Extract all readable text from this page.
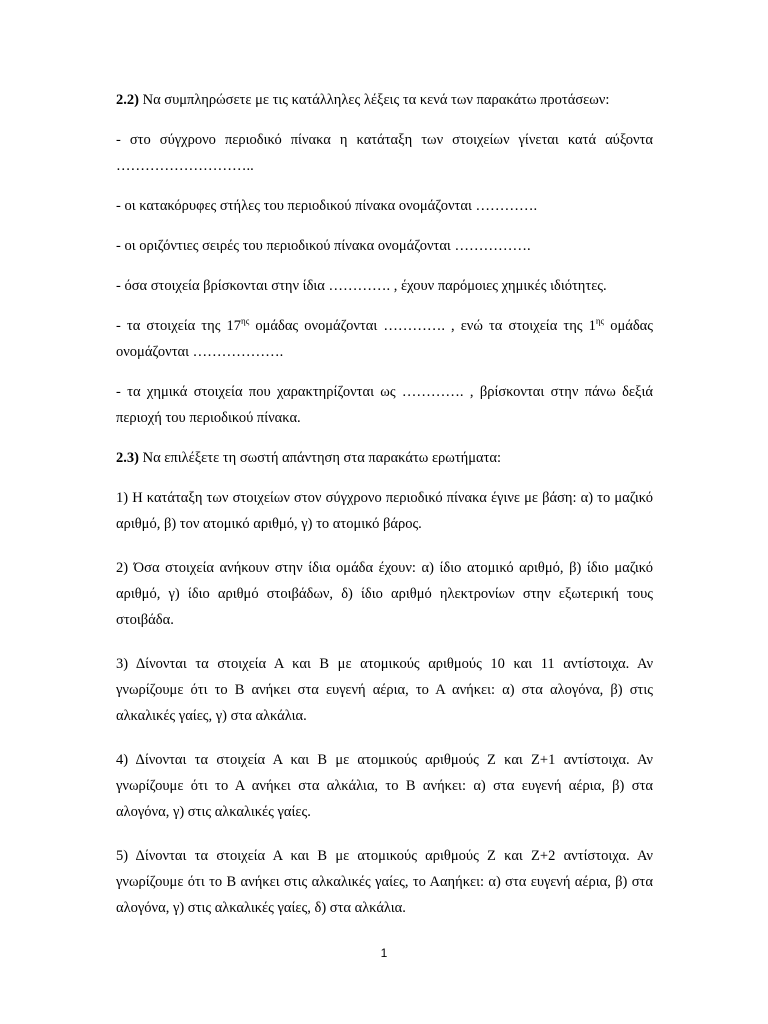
2.2) Να συμπληρώσετε με τις κατάλληλες λέξεις τα κενά των παρακάτω προτάσεων:

- στο σύγχρονο περιοδικό πίνακα η κατάταξη των στοιχείων γίνεται κατά αύξοντα ………………………..

- οι κατακόρυφες στήλες του περιοδικού πίνακα ονομάζονται ………….

- οι οριζόντιες σειρές του περιοδικού πίνακα ονομάζονται …………….

- όσα στοιχεία βρίσκονται στην ίδια …………. , έχουν παρόμοιες χημικές ιδιότητες.

- τα στοιχεία της $17^{\eta\varsigma}$ ομάδας ονομάζονται …………. , ενώ τα στοιχεία της $1^{\eta\varsigma}$ ομάδας ονομάζονται ……………….

- τα χημικά στοιχεία που χαρακτηρίζονται ως …………. , βρίσκονται στην πάνω δεξιά περιοχή του περιοδικού πίνακα.

2.3) Να επιλέξετε τη σωστή απάντηση στα παρακάτω ερωτήματα:

1) Η κατάταξη των στοιχείων στον σύγχρονο περιοδικό πίνακα έγινε με βάση: α) το μαζικό αριθμό, β) τον ατομικό αριθμό, γ) το ατομικό βάρος.

2) Όσα στοιχεία ανήκουν στην ίδια ομάδα έχουν: α) ίδιο ατομικό αριθμό, β) ίδιο μαζικό αριθμό, γ) ίδιο αριθμό στοιβάδων, δ) ίδιο αριθμό ηλεκτρονίων στην εξωτερική τους στοιβάδα.

3) Δίνονται τα στοιχεία Α και Β με ατομικούς αριθμούς 10 και 11 αντίστοιχα. Αν γνωρίζουμε ότι το Β ανήκει στα ευγενή αέρια, το Α ανήκει: α) στα αλογόνα, β) στις αλκαλικές γαίες, γ) στα αλκάλια.

4) Δίνονται τα στοιχεία Α και Β με ατομικούς αριθμούς Ζ και Ζ+1 αντίστοιχα. Αν γνωρίζουμε ότι το Α ανήκει στα αλκάλια, το Β ανήκει: α) στα ευγενή αέρια, β) στα αλογόνα, γ) στις αλκαλικές γαίες.

5) Δίνονται τα στοιχεία Α και Β με ατομικούς αριθμούς Ζ και Ζ+2 αντίστοιχα. Αν γνωρίζουμε ότι το Β ανήκει στις αλκαλικές γαίες, το Ααηήκει: α) στα ευγενή αέρια, β) στα αλογόνα, γ) στις αλκαλικές γαίες, δ) στα αλκάλια.

1
